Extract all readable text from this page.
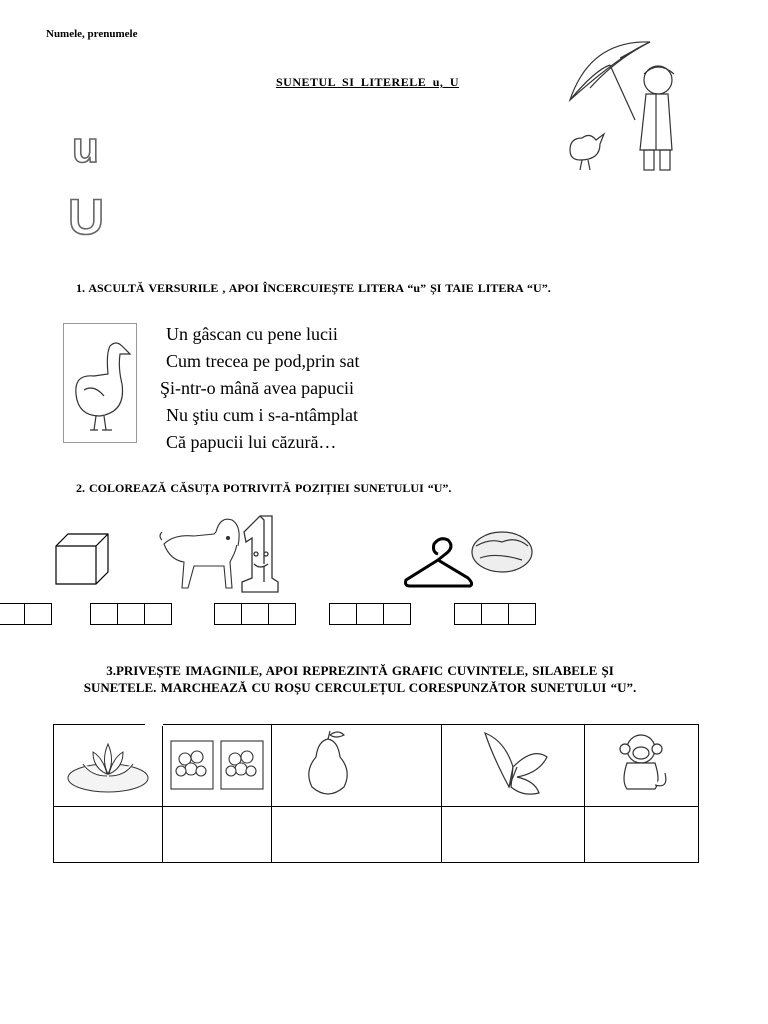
Numele, prenumele
SUNETUL SI LITERELE u, U
u
U
1. ASCULTĂ VERSURILE , APOI ÎNCERCUIEȘTE LITERA “u” ȘI TAIE LITERA “U”.
Un gâscan cu pene lucii
Cum trecea pe pod,prin sat
Şi-ntr-o mână avea papucii
Nu ştiu cum i s-a-ntâmplat
Că papucii lui căzură…
2. COLOREAZĂ CĂSUȚA POTRIVITĂ POZIȚIEI SUNETULUI “U”.
3.PRIVEȘTE IMAGINILE, APOI REPREZINTĂ GRAFIC CUVINTELE, SILABELE ȘI
SUNETELE. MARCHEAZĂ CU ROȘU CERCULEȚUL CORESPUNZĂTOR SUNETULUI “U”.
